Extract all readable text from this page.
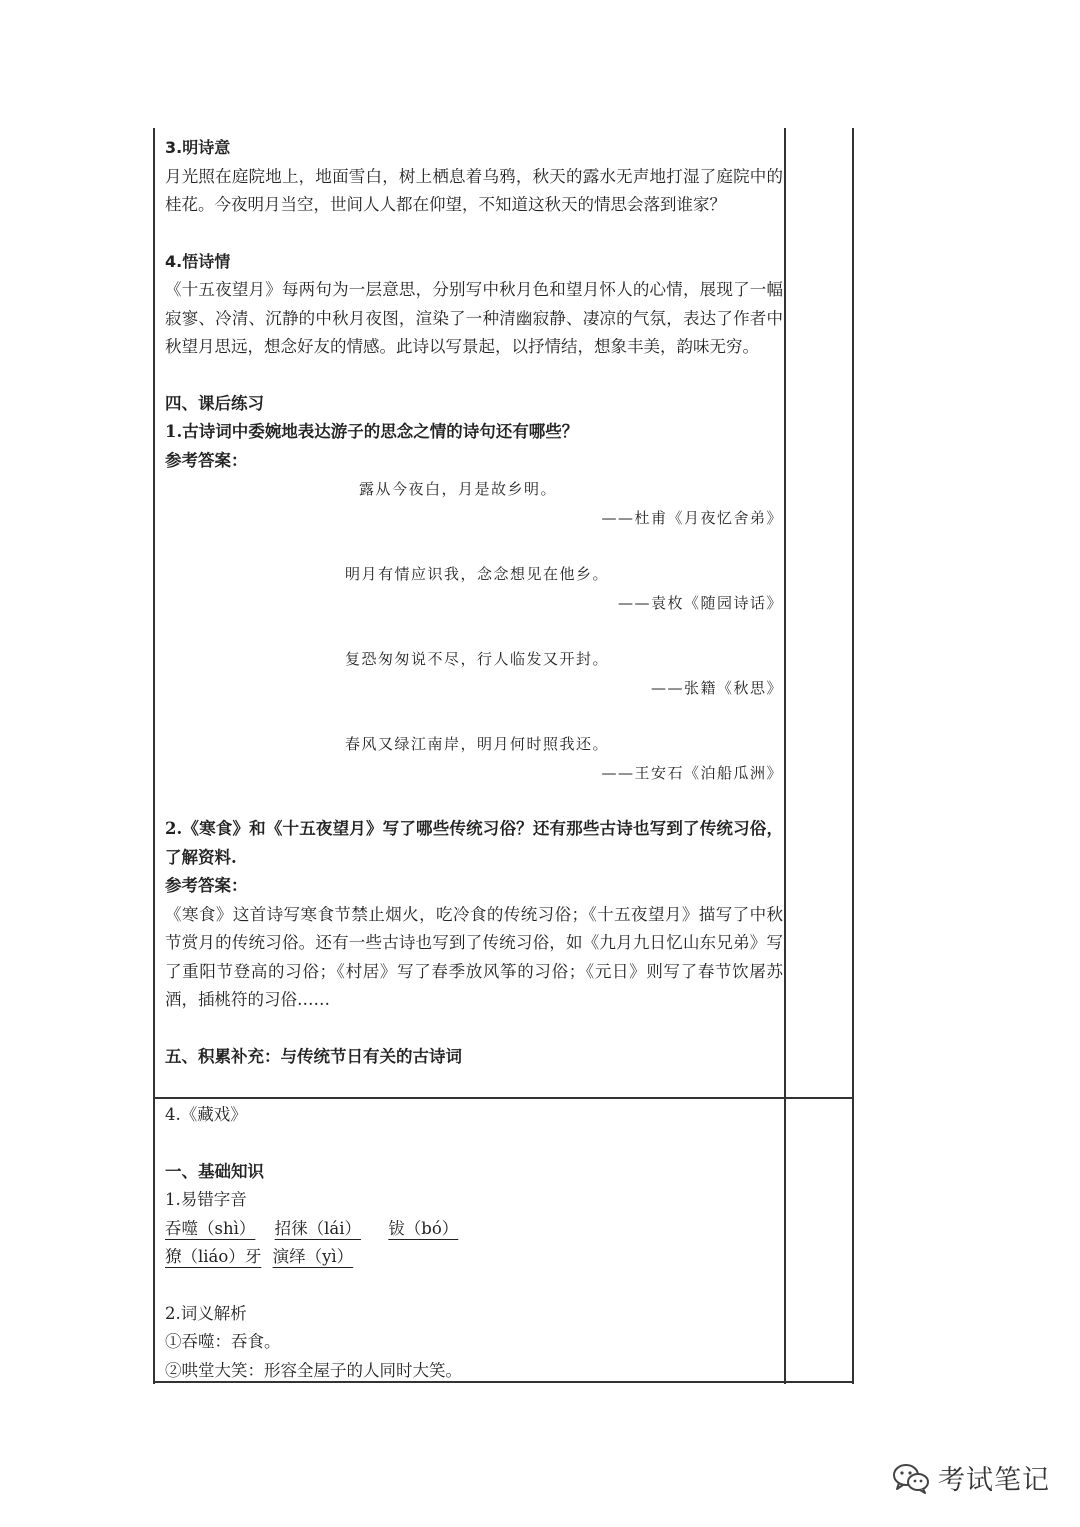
3.明诗意

月光照在庭院地上，地面雪白，树上栖息着乌鸦，秋天的露水无声地打湿了庭院中的桂花。今夜明月当空，世间人人都在仰望，不知道这秋天的情思会落到谁家？

4.悟诗情

《十五夜望月》每两句为一层意思，分别写中秋月色和望月怀人的心情，展现了一幅寂寥、冷清、沉静的中秋月夜图，渲染了一种清幽寂静、凄凉的气氛，表达了作者中秋望月思远，想念好友的情感。此诗以写景起，以抒情结，想象丰美，韵味无穷。

四、课后练习

1.古诗词中委婉地表达游子的思念之情的诗句还有哪些？

参考答案：

露从今夜白，月是故乡明。

——杜甫《月夜忆舍弟》

明月有情应识我，念念想见在他乡。

——袁枚《随园诗话》

复恐匆匆说不尽，行人临发又开封。

——张籍《秋思》

春风又绿江南岸，明月何时照我还。

——王安石《泊船瓜洲》

2.《寒食》和《十五夜望月》写了哪些传统习俗？还有那些古诗也写到了传统习俗，了解资料.

参考答案：

《寒食》这首诗写寒食节禁止烟火，吃冷食的传统习俗；《十五夜望月》描写了中秋节赏月的传统习俗。还有一些古诗也写到了传统习俗，如《九月九日忆山东兄弟》写了重阳节登高的习俗；《村居》写了春季放风筝的习俗；《元日》则写了春节饮屠苏酒，插桃符的习俗……

五、积累补充：与传统节日有关的古诗词

4.《藏戏》

一、基础知识

1.易错字音

吞噬（shì） 招徕（lái） 钹（bó）

獠（liáo）牙 演绎（yì）

2.词义解析

①吞噬：吞食。

②哄堂大笑：形容全屋子的人同时大笑。

考试笔记
